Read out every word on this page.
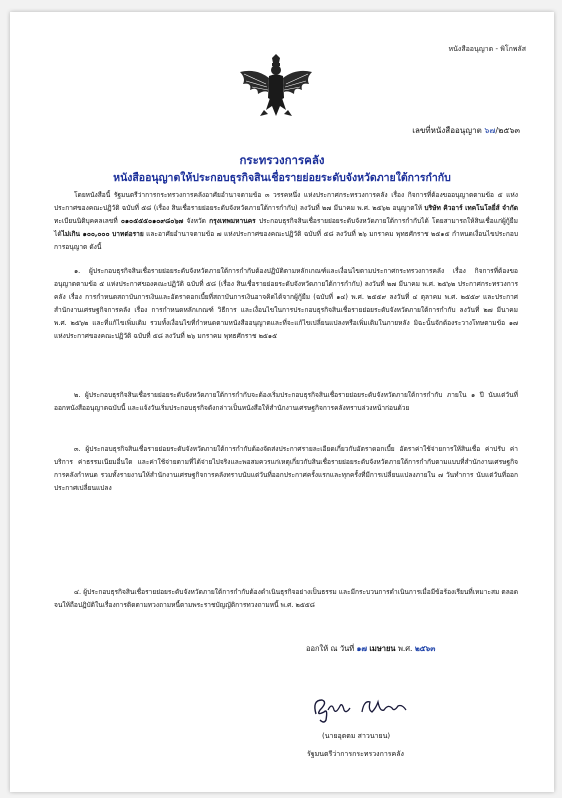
หนังสืออนุญาต - พิโกพลัส
เลขที่หนังสืออนุญาต ๖๗/๒๕๖๓
กระทรวงการคลัง
หนังสืออนุญาตให้ประกอบธุรกิจสินเชื่อรายย่อยระดับจังหวัดภายใต้การกำกับ

โดยหนังสือนี้ รัฐมนตรีว่าการกระทรวงการคลังอาศัยอำนาจตามข้อ ๓ วรรคหนึ่ง แห่งประกาศกระทรวงการคลัง เรื่อง กิจการที่ต้องขออนุญาตตามข้อ ๕ แห่งประกาศของคณะปฏิวัติ ฉบับที่ ๕๘ (เรื่อง สินเชื่อรายย่อยระดับจังหวัดภายใต้การกำกับ) ลงวันที่ ๒๗ มีนาคม พ.ศ. ๒๕๖๒ อนุญาตให้ บริษัท คิวอาร์ เทคโนโลยี่ส์ จำกัด ทะเบียนนิติบุคคลเลขที่ ๐๑๐๕๕๕๐๑๐๙๘๐๖๗ จังหวัด กรุงเทพมหานคร ประกอบธุรกิจสินเชื่อรายย่อยระดับจังหวัดภายใต้การกำกับได้ โดยสามารถให้สินเชื่อแก่ผู้กู้ยืมได้ไม่เกิน ๑๐๐,๐๐๐ บาทต่อราย และอาศัยอำนาจตามข้อ ๗ แห่งประกาศของคณะปฏิวัติ ฉบับที่ ๕๘ ลงวันที่ ๒๖ มกราคม พุทธศักราช ๒๕๑๕ กำหนดเงื่อนไขประกอบการอนุญาต ดังนี้

๑. ผู้ประกอบธุรกิจสินเชื่อรายย่อยระดับจังหวัดภายใต้การกำกับต้องปฏิบัติตามหลักเกณฑ์และเงื่อนไขตามประกาศกระทรวงการคลัง เรื่อง กิจการที่ต้องขออนุญาตตามข้อ ๕ แห่งประกาศของคณะปฏิวัติ ฉบับที่ ๕๘ (เรื่อง สินเชื่อรายย่อยระดับจังหวัดภายใต้การกำกับ) ลงวันที่ ๒๗ มีนาคม พ.ศ. ๒๕๖๒ ประกาศกระทรวงการคลัง เรื่อง การกำหนดสถาบันการเงินและอัตราดอกเบี้ยที่สถาบันการเงินอาจคิดได้จากผู้กู้ยืม (ฉบับที่ ๑๔) พ.ศ. ๒๕๕๙ ลงวันที่ ๔ ตุลาคม พ.ศ. ๒๕๕๙ และประกาศสำนักงานเศรษฐกิจการคลัง เรื่อง การกำหนดหลักเกณฑ์ วิธีการ และเงื่อนไขในการประกอบธุรกิจสินเชื่อรายย่อยระดับจังหวัดภายใต้การกำกับ ลงวันที่ ๒๗ มีนาคม พ.ศ. ๒๕๖๒ และที่แก้ไขเพิ่มเติม รวมทั้งเงื่อนไขที่กำหนดตามหนังสืออนุญาตและที่จะแก้ไขเปลี่ยนแปลงหรือเพิ่มเติมในภายหลัง มิฉะนั้นจักต้องระวางโทษตามข้อ ๑๗ แห่งประกาศของคณะปฏิวัติ ฉบับที่ ๕๘ ลงวันที่ ๒๖ มกราคม พุทธศักราช ๒๕๑๕

๒. ผู้ประกอบธุรกิจสินเชื่อรายย่อยระดับจังหวัดภายใต้การกำกับจะต้องเริ่มประกอบธุรกิจสินเชื่อรายย่อยระดับจังหวัดภายใต้การกำกับ ภายใน ๑ ปี นับแต่วันที่ออกหนังสืออนุญาตฉบับนี้ และแจ้งวันเริ่มประกอบธุรกิจดังกล่าวเป็นหนังสือให้สำนักงานเศรษฐกิจการคลังทราบล่วงหน้าก่อนด้วย

๓. ผู้ประกอบธุรกิจสินเชื่อรายย่อยระดับจังหวัดภายใต้การกำกับต้องจัดส่งประกาศรายละเอียดเกี่ยวกับอัตราดอกเบี้ย อัตราค่าใช้จ่ายการให้สินเชื่อ ค่าปรับ ค่าบริการ ค่าธรรมเนียมอื่นใด และค่าใช้จ่ายตามที่ได้จ่ายไปจริงและพอสมควรแก่เหตุเกี่ยวกับสินเชื่อรายย่อยระดับจังหวัดภายใต้การกำกับตามแบบที่สำนักงานเศรษฐกิจการคลังกำหนด รวมทั้งรายงานให้สำนักงานเศรษฐกิจการคลังทราบนับแต่วันที่ออกประกาศครั้งแรกและทุกครั้งที่มีการเปลี่ยนแปลงภายใน ๗ วันทำการ นับแต่วันที่ออกประกาศเปลี่ยนแปลง

๔. ผู้ประกอบธุรกิจสินเชื่อรายย่อยระดับจังหวัดภายใต้การกำกับต้องดำเนินธุรกิจอย่างเป็นธรรม และมีกระบวนการดำเนินการเมื่อมีข้อร้องเรียนที่เหมาะสม ตลอดจนให้ถือปฏิบัติในเรื่องการติดตามทวงถามหนี้ตามพระราชบัญญัติการทวงถามหนี้ พ.ศ. ๒๕๕๘

ออกให้ ณ วันที่ ๑๗ เมษายน พ.ศ. ๒๕๖๓
(นายอุตตม สาวนายน)
รัฐมนตรีว่าการกระทรวงการคลัง
